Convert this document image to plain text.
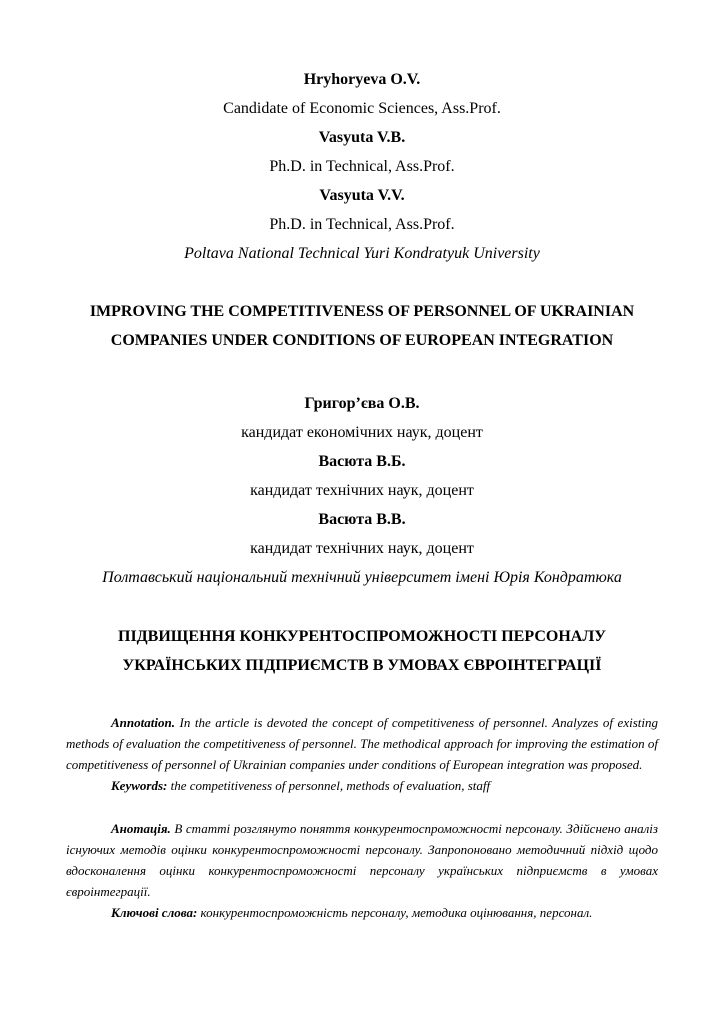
Hryhoryeva O.V.

Candidate of Economic Sciences, Ass.Prof.

Vasyuta V.B.

Ph.D. in Technical, Ass.Prof.

Vasyuta V.V.

Ph.D. in Technical, Ass.Prof.

Poltava National Technical Yuri Kondratyuk University

IMPROVING THE COMPETITIVENESS OF PERSONNEL OF UKRAINIAN
COMPANIES UNDER CONDITIONS OF EUROPEAN INTEGRATION

Григор’єва О.В.

кандидат економічних наук, доцент

Васюта В.Б.

кандидат технічних наук, доцент

Васюта В.В.

кандидат технічних наук, доцент

Полтавський національний технічний університет імені Юрія Кондратюка

ПІДВИЩЕННЯ КОНКУРЕНТОСПРОМОЖНОСТІ ПЕРСОНАЛУ
УКРАЇНСЬКИХ ПІДПРИЄМСТВ В УМОВАХ ЄВРОІНТЕГРАЦІЇ

Annotation. In the article is devoted the concept of competitiveness of personnel. Analyzes of existing methods of evaluation the competitiveness of personnel. The methodical approach for improving the estimation of competitiveness of personnel of Ukrainian companies under conditions of European integration was proposed.

Keywords: the competitiveness of personnel, methods of evaluation, staff

Анотація. В статті розглянуто поняття конкурентоспроможності персоналу. Здійснено аналіз існуючих методів оцінки конкурентоспроможності персоналу. Запропоновано методичний підхід щодо вдосконалення оцінки конкурентоспроможності персоналу українських підприємств в умовах євроінтеграції.

Ключові слова: конкурентоспроможність персоналу, методика оцінювання, персонал.
